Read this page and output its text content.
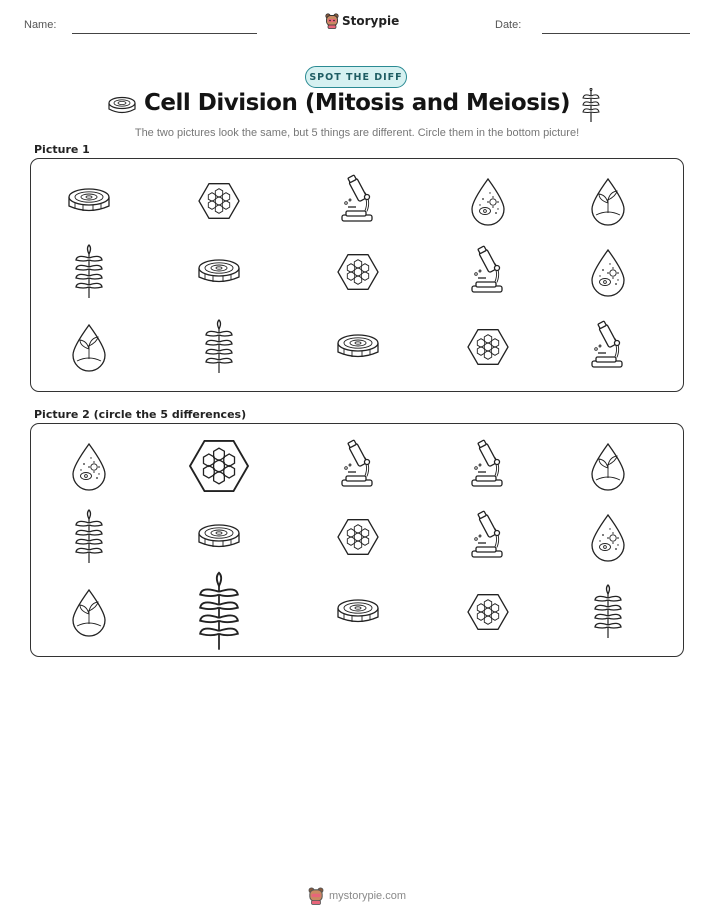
Name:	Storypie	Date:
SPOT THE DIFF
Cell Division (Mitosis and Meiosis)
The two pictures look the same, but 5 things are different. Circle them in the bottom picture!
Picture 1
Picture 2 (circle the 5 differences)
mystorypie.com
